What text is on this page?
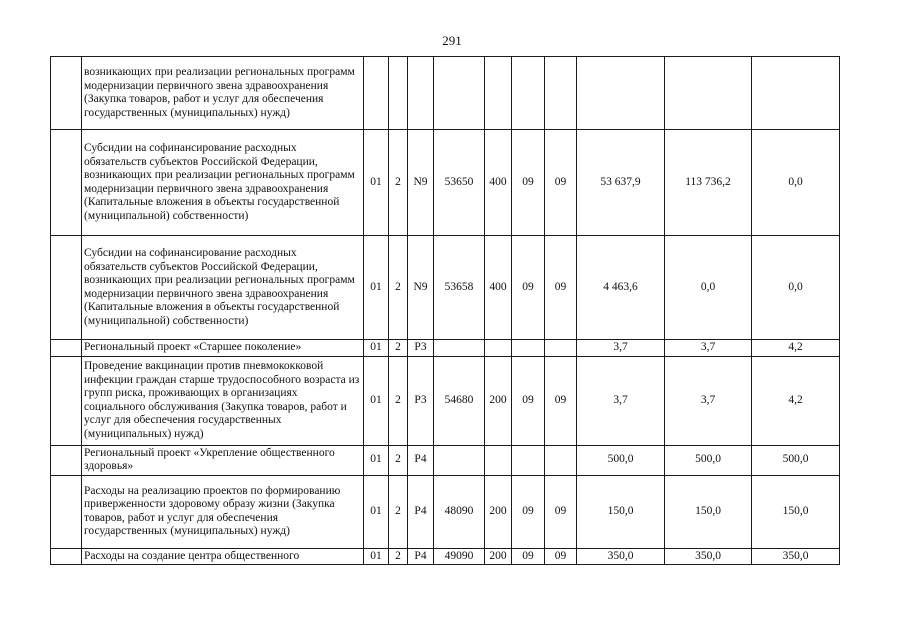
291
	возникающих при реализации региональных программ модернизации первичного звена здравоохранения (Закупка товаров, работ и услуг для обеспечения государственных (муниципальных) нужд)										
	Субсидии на софинансирование расходных обязательств субъектов Российской Федерации, возникающих при реализации региональных программ модернизации первичного звена здравоохранения (Капитальные вложения в объекты государственной (муниципальной) собственности)	01	2	N9	53650	400	09	09	53 637,9	113 736,2	0,0
	Субсидии на софинансирование расходных обязательств субъектов Российской Федерации, возникающих при реализации региональных программ модернизации первичного звена здравоохранения (Капитальные вложения в объекты государственной (муниципальной) собственности)	01	2	N9	53658	400	09	09	4 463,6	0,0	0,0
	Региональный проект «Старшее поколение»	01	2	P3					3,7	3,7	4,2
	Проведение вакцинации против пневмококковой инфекции граждан старше трудоспособного возраста из групп риска, проживающих в организациях социального обслуживания (Закупка товаров, работ и услуг для обеспечения государственных (муниципальных) нужд)	01	2	P3	54680	200	09	09	3,7	3,7	4,2
	Региональный проект «Укрепление общественного здоровья»	01	2	P4					500,0	500,0	500,0
	Расходы на реализацию проектов по формированию приверженности здоровому образу жизни (Закупка товаров, работ и услуг для обеспечения государственных (муниципальных) нужд)	01	2	P4	48090	200	09	09	150,0	150,0	150,0
	Расходы на создание центра общественного	01	2	P4	49090	200	09	09	350,0	350,0	350,0
